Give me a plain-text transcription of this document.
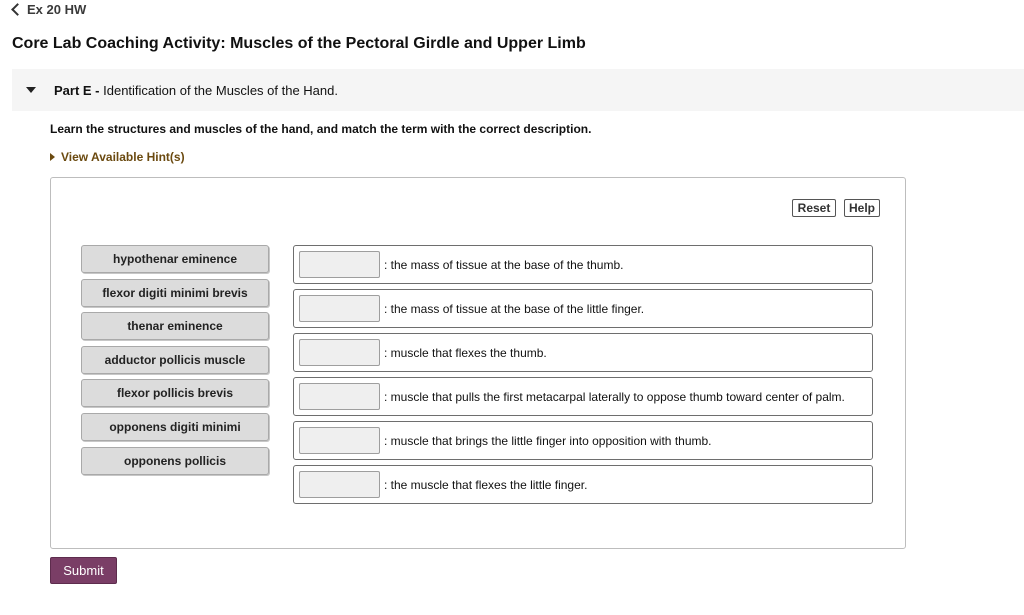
Ex 20 HW
Core Lab Coaching Activity: Muscles of the Pectoral Girdle and Upper Limb
Part E - Identification of the Muscles of the Hand.
Learn the structures and muscles of the hand, and match the term with the correct description.
View Available Hint(s)
Reset	Help
hypothenar eminence
flexor digiti minimi brevis
thenar eminence
adductor pollicis muscle
flexor pollicis brevis
opponens digiti minimi
opponens pollicis
: the mass of tissue at the base of the thumb.
: the mass of tissue at the base of the little finger.
: muscle that flexes the thumb.
: muscle that pulls the first metacarpal laterally to oppose thumb toward center of palm.
: muscle that brings the little finger into opposition with thumb.
: the muscle that flexes the little finger.
Submit
